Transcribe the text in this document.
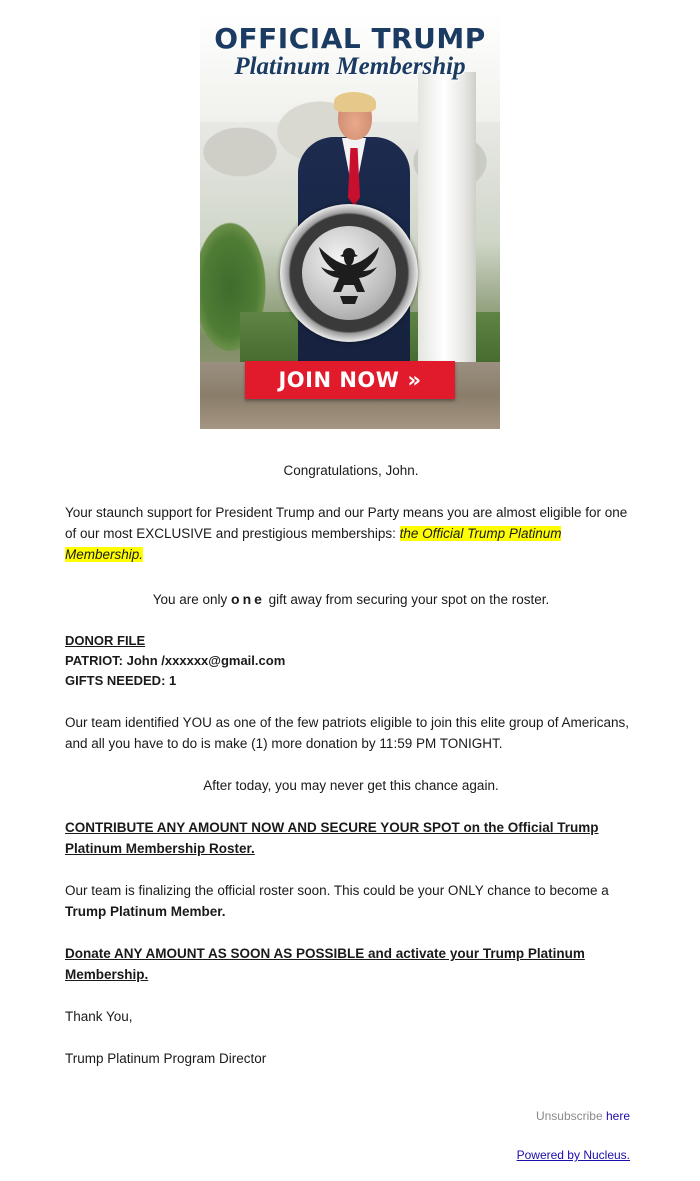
OFFICIAL TRUMP
Platinum Membership
JOIN NOW »

Congratulations, John.

Your staunch support for President Trump and our Party means you are almost eligible for one of our most EXCLUSIVE and prestigious memberships: the Official Trump Platinum Membership.

You are only one gift away from securing your spot on the roster.

DONOR FILE

PATRIOT: John /xxxxxx@gmail.com

GIFTS NEEDED: 1

Our team identified YOU as one of the few patriots eligible to join this elite group of Americans, and all you have to do is make (1) more donation by 11:59 PM TONIGHT.

After today, you may never get this chance again.

CONTRIBUTE ANY AMOUNT NOW AND SECURE YOUR SPOT on the Official Trump Platinum Membership Roster.

Our team is finalizing the official roster soon. This could be your ONLY chance to become a Trump Platinum Member.

Donate ANY AMOUNT AS SOON AS POSSIBLE and activate your Trump Platinum Membership.

Thank You,

Trump Platinum Program Director

Unsubscribe here
Powered by Nucleus.
